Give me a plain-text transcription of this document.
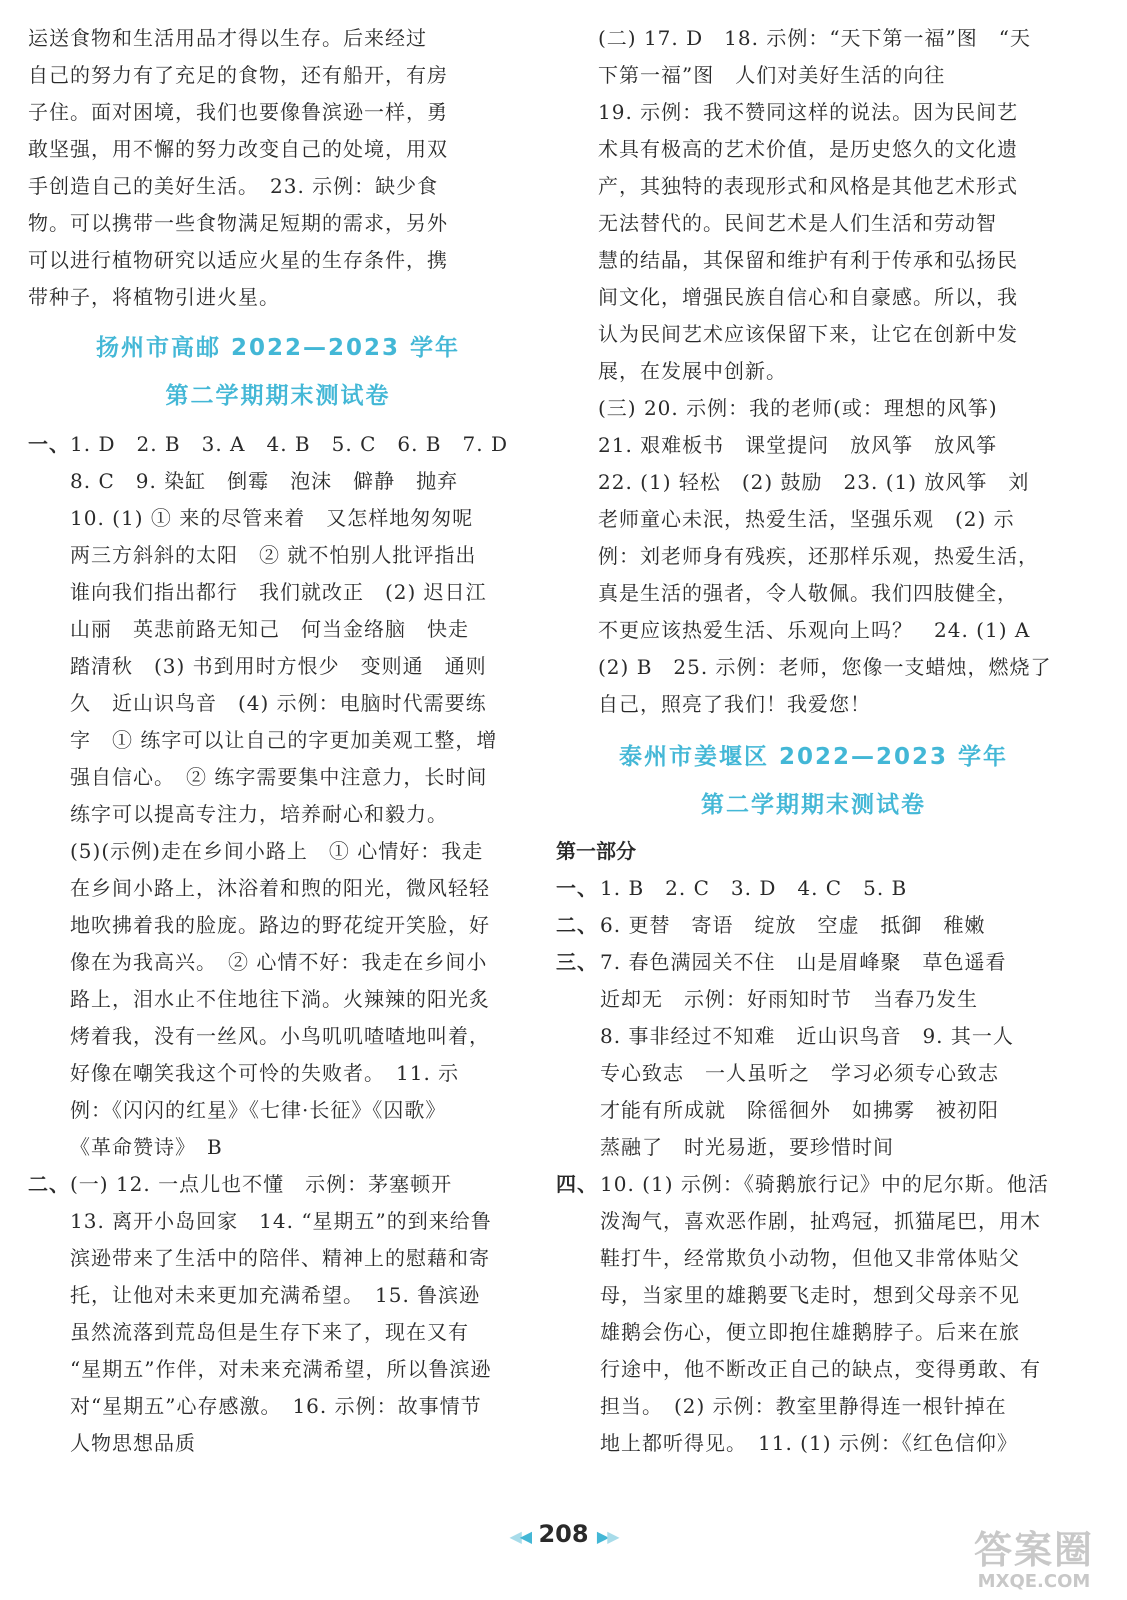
运送食物和生活用品才得以生存。后来经过
自己的努力有了充足的食物，还有船开，有房
子住。面对困境，我们也要像鲁滨逊一样，勇
敢坚强，用不懈的努力改变自己的处境，用双
手创造自己的美好生活。　23. 示例：缺少食
物。可以携带一些食物满足短期的需求，另外
可以进行植物研究以适应火星的生存条件，携
带种子，将植物引进火星。
扬州市高邮 2022—2023 学年
第二学期期末测试卷
一、 1. D　2. B　3. A　4. B　5. C　6. B　7. D
8. C　9. 染缸　倒霉　泡沫　僻静　抛弃
10. (1) ① 来的尽管来着　又怎样地匆匆呢
两三方斜斜的太阳　② 就不怕别人批评指出
谁向我们指出都行　我们就改正　(2) 迟日江
山丽　英悲前路无知己　何当金络脑　快走
踏清秋　(3) 书到用时方恨少　变则通　通则
久　近山识鸟音　(4) 示例：电脑时代需要练
字　① 练字可以让自己的字更加美观工整，增
强自信心。　② 练字需要集中注意力，长时间
练字可以提高专注力，培养耐心和毅力。
(5)(示例)走在乡间小路上　① 心情好：我走
在乡间小路上，沐浴着和煦的阳光，微风轻轻
地吹拂着我的脸庞。路边的野花绽开笑脸，好
像在为我高兴。　② 心情不好：我走在乡间小
路上，泪水止不住地往下淌。火辣辣的阳光炙
烤着我，没有一丝风。小鸟叽叽喳喳地叫着，
好像在嘲笑我这个可怜的失败者。　11. 示
例：《闪闪的红星》《七律·长征》《囚歌》
《革命赞诗》　B
二、 (一) 12. 一点儿也不懂　示例：茅塞顿开
13. 离开小岛回家　14. “星期五”的到来给鲁
滨逊带来了生活中的陪伴、精神上的慰藉和寄
托，让他对未来更加充满希望。　15. 鲁滨逊
虽然流落到荒岛但是生存下来了，现在又有
“星期五”作伴，对未来充满希望，所以鲁滨逊
对“星期五”心存感激。　16. 示例：故事情节
人物思想品质
(二) 17. D　18. 示例：“天下第一福”图　“天
下第一福”图　人们对美好生活的向往
19. 示例：我不赞同这样的说法。因为民间艺
术具有极高的艺术价值，是历史悠久的文化遗
产，其独特的表现形式和风格是其他艺术形式
无法替代的。民间艺术是人们生活和劳动智
慧的结晶，其保留和维护有利于传承和弘扬民
间文化，增强民族自信心和自豪感。所以，我
认为民间艺术应该保留下来，让它在创新中发
展，在发展中创新。
(三) 20. 示例：我的老师(或：理想的风筝)
21. 艰难板书　课堂提问　放风筝　放风筝
22. (1) 轻松　(2) 鼓励　23. (1) 放风筝　刘
老师童心未泯，热爱生活，坚强乐观　(2) 示
例：刘老师身有残疾，还那样乐观，热爱生活，
真是生活的强者，令人敬佩。我们四肢健全，
不更应该热爱生活、乐观向上吗？　24. (1) A
(2) B　25. 示例：老师，您像一支蜡烛，燃烧了
自己，照亮了我们！我爱您！
泰州市姜堰区 2022—2023 学年
第二学期期末测试卷
第一部分
一、 1. B　2. C　3. D　4. C　5. B
二、 6. 更替　寄语　绽放　空虚　抵御　稚嫩
三、 7. 春色满园关不住　山是眉峰聚　草色遥看
近却无　示例：好雨知时节　当春乃发生
8. 事非经过不知难　近山识鸟音　9. 其一人
专心致志　一人虽听之　学习必须专心致志
才能有所成就　除徭徊外　如拂雾　被初阳
蒸融了　时光易逝，要珍惜时间
四、 10. (1) 示例：《骑鹅旅行记》中的尼尔斯。他活
泼淘气，喜欢恶作剧，扯鸡冠，抓猫尾巴，用木
鞋打牛，经常欺负小动物，但他又非常体贴父
母，当家里的雄鹅要飞走时，想到父母亲不见
雄鹅会伤心，便立即抱住雄鹅脖子。后来在旅
行途中，他不断改正自己的缺点，变得勇敢、有
担当。　(2) 示例：教室里静得连一根针掉在
地上都听得见。　11. (1) 示例：《红色信仰》
◀◀ 208 ▶▶	答案圈
MXQE.COM
